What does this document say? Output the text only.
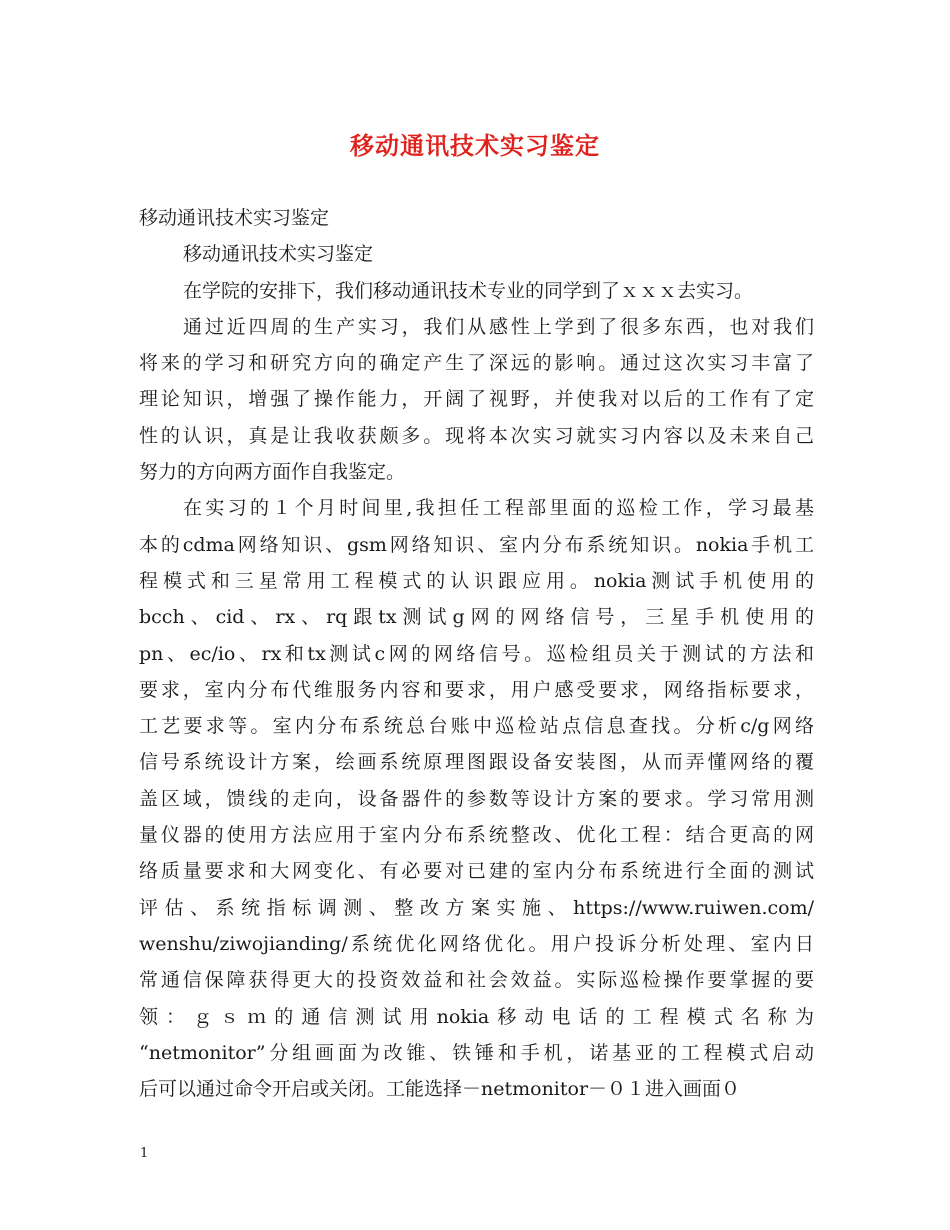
移动通讯技术实习鉴定

移动通讯技术实习鉴定

移动通讯技术实习鉴定

在学院的安排下，我们移动通讯技术专业的同学到了ｘｘｘ去实习。

通过近四周的生产实习，我们从感性上学到了很多东西，也对我们

将来的学习和研究方向的确定产生了深远的影响。通过这次实习丰富了

理论知识，增强了操作能力，开阔了视野，并使我对以后的工作有了定

性的认识，真是让我收获颇多。现将本次实习就实习内容以及未来自己

努力的方向两方面作自我鉴定。

在实习的１个月时间里,我担任工程部里面的巡检工作，学习最基

本的cdma网络知识、gsm网络知识、室内分布系统知识。nokia手机工

程模式和三星常用工程模式的认识跟应用。nokia测试手机使用的

bcch、cid、rx、rq跟tx测试g网的网络信号，三星手机使用的

pn、ec/io、rx和tx测试c网的网络信号。巡检组员关于测试的方法和

要求，室内分布代维服务内容和要求，用户感受要求，网络指标要求，

工艺要求等。室内分布系统总台账中巡检站点信息查找。分析c/g网络

信号系统设计方案，绘画系统原理图跟设备安装图，从而弄懂网络的覆

盖区域，馈线的走向，设备器件的参数等设计方案的要求。学习常用测

量仪器的使用方法应用于室内分布系统整改、优化工程：结合更高的网

络质量要求和大网变化、有必要对已建的室内分布系统进行全面的测试

评估、系统指标调测、整改方案实施、https://www.ruiwen.com/

wenshu/ziwojianding/系统优化网络优化。用户投诉分析处理、室内日

常通信保障获得更大的投资效益和社会效益。实际巡检操作要掌握的要

领：ｇｓｍ的通信测试用nokia移动电话的工程模式名称为

“netmonitor”分组画面为改锥、铁锤和手机，诺基亚的工程模式启动

后可以通过命令开启或关闭。工能选择－netmonitor－０１进入画面０

1
